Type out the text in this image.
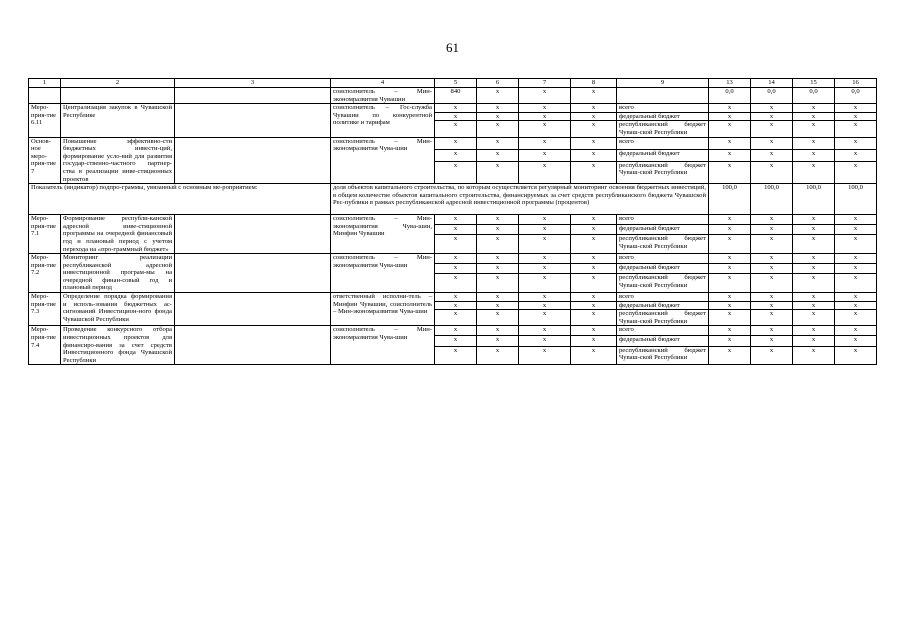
61
1	2	3	4	5	6	7	8	9	13	14	15	16
			соисполнитель – Мин-экономразвития Чувашии	840	x	x	x		0,0	0,0	0,0	0,0
Меро-прия-тие 6.11	Централизация закупок в Чувашской Республике		соисполнитель – Гос-служба Чувашии по конкурентной политике и тарифам	x	x	x	x	всего	x	x	x	x
				x	x	x	x	федеральный бюджет	x	x	x	x
				x	x	x	x	республиканский бюджет Чуваш-ской Республики	x	x	x	x
Основ-ное меро-прия-тие 7	Повышение эффективно-сти бюджетных инвести-ций, формирование усло-вий для развития государ-ственно-частного партнер-ства в реализации инве-стиционных проектов		соисполнитель – Мин-экономразвития Чува-шии	x	x	x	x	всего	x	x	x	x
				x	x	x	x	федеральный бюджет	x	x	x	x
				x	x	x	x	республиканский бюджет Чуваш-ской Республики	x	x	x	x
Показатель (индикатор) подпро-граммы, увязанный с основным ме-роприятием:			доля объектов капитального строительства, по которым осуществляется регулярный мониторинг освоения бюджетных инвестиций, в общем количестве объектов капитального строительства, финансируемых за счет средств республиканского бюджета Чувашской Рес-публики в рамках республиканской адресной инвестиционной программы (процентов)						100,0	100,0	100,0	100,0
Меро-прия-тие 7.1	Формирование республи-канской адресной инве-стиционной программы на очередной финансовый год и плановый период с учетом перехода на «про-граммный бюджет»		соисполнитель – Мин-экономразвития Чува-шии, Минфин Чувашии	x	x	x	x	всего	x	x	x	x
				x	x	x	x	федеральный бюджет	x	x	x	x
				x	x	x	x	республиканский бюджет Чуваш-ской Республики	x	x	x	x
Меро-прия-тие 7.2	Мониторинг реализации республиканской адресной инвестиционной програм-мы на очередной финан-совый год и плановый период		соисполнитель – Мин-экономразвития Чува-шии	x	x	x	x	всего	x	x	x	x
				x	x	x	x	федеральный бюджет	x	x	x	x
				x	x	x	x	республиканский бюджет Чуваш-ской Республики	x	x	x	x
Меро-прия-тие 7.3	Определение порядка формирования и исполь-зования бюджетных ас-сигнований Инвестицион-ного фонда Чувашской Республики		ответственный исполни-тель – Минфин Чувашии, соисполнитель – Мин-экономразвития Чува-шии	x	x	x	x	всего	x	x	x	x
				x	x	x	x	федеральный бюджет	x	x	x	x
				x	x	x	x	республиканский бюджет Чуваш-ской Республики	x	x	x	x
Меро-прия-тие 7.4	Проведение конкурсного отбора инвестиционных проектов для финансиро-вания за счет средств Инвестиционного фонда Чувашской Республики		соисполнитель – Мин-экономразвития Чува-шии	x	x	x	x	всего	x	x	x	x
				x	x	x	x	федеральный бюджет	x	x	x	x
				x	x	x	x	республиканский бюджет Чуваш-ской Республики	x	x	x	x
